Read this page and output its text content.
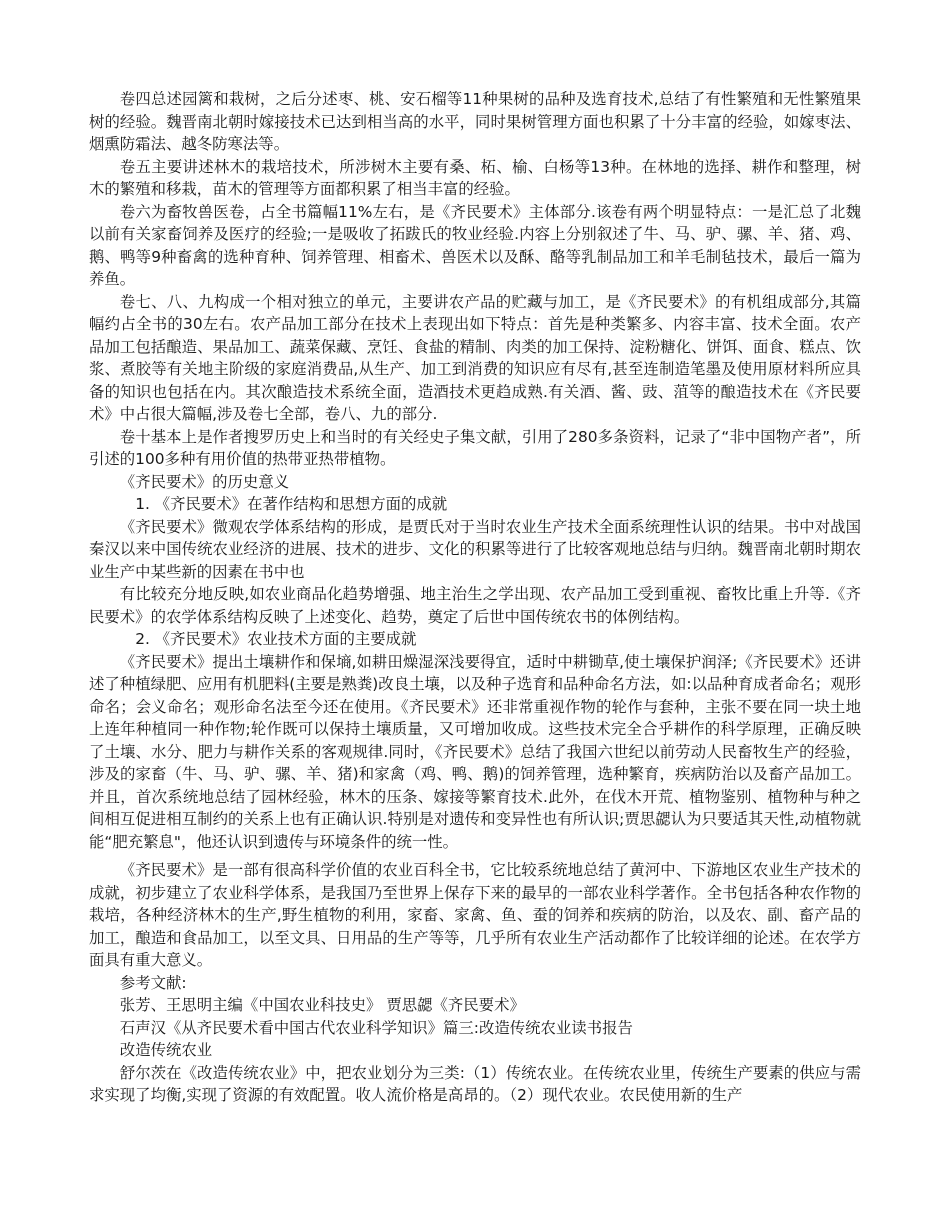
卷四总述园篱和栽树，之后分述枣、桃、安石榴等11种果树的品种及选育技术,总结了有性繁殖和无性繁殖果树的经验。魏晋南北朝时嫁接技术已达到相当高的水平，同时果树管理方面也积累了十分丰富的经验，如嫁枣法、烟熏防霜法、越冬防寒法等。

卷五主要讲述林木的栽培技术，所涉树木主要有桑、柘、榆、白杨等13种。在林地的选择、耕作和整理，树木的繁殖和移栽，苗木的管理等方面都积累了相当丰富的经验。

卷六为畜牧兽医卷，占全书篇幅11%左右，是《齐民要术》主体部分.该卷有两个明显特点：一是汇总了北魏以前有关家畜饲养及医疗的经验;一是吸收了拓跋氏的牧业经验.内容上分别叙述了牛、马、驴、骡、羊、猪、鸡、鹅、鸭等9种畜禽的选种育种、饲养管理、相畜术、兽医术以及酥、酪等乳制品加工和羊毛制毡技术，最后一篇为养鱼。

卷七、八、九构成一个相对独立的单元，主要讲农产品的贮藏与加工，是《齐民要术》的有机组成部分,其篇幅约占全书的30左右。农产品加工部分在技术上表现出如下特点：首先是种类繁多、内容丰富、技术全面。农产品加工包括酿造、果品加工、蔬菜保藏、烹饪、食盐的精制、肉类的加工保持、淀粉糖化、饼饵、面食、糕点、饮浆、煮胶等有关地主阶级的家庭消费品,从生产、加工到消费的知识应有尽有,甚至连制造笔墨及使用原材料所应具备的知识也包括在内。其次酿造技术系统全面，造酒技术更趋成熟.有关酒、酱、豉、菹等的酿造技术在《齐民要术》中占很大篇幅,涉及卷七全部，卷八、九的部分.

卷十基本上是作者搜罗历史上和当时的有关经史子集文献，引用了280多条资料，记录了“非中国物产者”，所引述的100多种有用价值的热带亚热带植物。

《齐民要术》的历史意义

1. 《齐民要术》在著作结构和思想方面的成就

《齐民要术》微观农学体系结构的形成，是贾氏对于当时农业生产技术全面系统理性认识的结果。书中对战国秦汉以来中国传统农业经济的进展、技术的进步、文化的积累等进行了比较客观地总结与归纳。魏晋南北朝时期农业生产中某些新的因素在书中也

有比较充分地反映,如农业商品化趋势增强、地主治生之学出现、农产品加工受到重视、畜牧比重上升等.《齐民要术》的农学体系结构反映了上述变化、趋势，奠定了后世中国传统农书的体例结构。

2. 《齐民要术》农业技术方面的主要成就

《齐民要术》提出土壤耕作和保墒,如耕田燥湿深浅要得宜，适时中耕锄草,使土壤保护润泽;《齐民要术》还讲述了种植绿肥、应用有机肥料(主要是熟粪)改良土壤，以及种子选育和品种命名方法，如:以品种育成者命名；观形命名；会义命名；观形命名法至今还在使用。《齐民要术》还非常重视作物的轮作与套种，主张不要在同一块土地上连年种植同一种作物;轮作既可以保持土壤质量，又可增加收成。这些技术完全合乎耕作的科学原理，正确反映了土壤、水分、肥力与耕作关系的客观规律.同时，《齐民要术》总结了我国六世纪以前劳动人民畜牧生产的经验，涉及的家畜（牛、马、驴、骡、羊、猪)和家禽（鸡、鸭、鹅)的饲养管理，选种繁育，疾病防治以及畜产品加工。并且，首次系统地总结了园林经验，林木的压条、嫁接等繁育技术.此外，在伐木开荒、植物鉴别、植物种与种之间相互促进相互制约的关系上也有正确认识.特别是对遗传和变异性也有所认识;贾思勰认为只要适其天性,动植物就能“肥充繁息"，他还认识到遗传与环境条件的统一性。

《齐民要术》是一部有很高科学价值的农业百科全书，它比较系统地总结了黄河中、下游地区农业生产技术的成就，初步建立了农业科学体系，是我国乃至世界上保存下来的最早的一部农业科学著作。全书包括各种农作物的栽培，各种经济林木的生产,野生植物的利用，家畜、家禽、鱼、蚕的饲养和疾病的防治，以及农、副、畜产品的加工，酿造和食品加工，以至文具、日用品的生产等等，几乎所有农业生产活动都作了比较详细的论述。在农学方面具有重大意义。

参考文献:

张芳、王思明主编《中国农业科技史》 贾思勰《齐民要术》

石声汉《从齐民要术看中国古代农业科学知识》篇三:改造传统农业读书报告

改造传统农业

舒尔茨在《改造传统农业》中，把农业划分为三类:（1）传统农业。在传统农业里，传统生产要素的供应与需求实现了均衡,实现了资源的有效配置。收人流价格是高昂的。（2）现代农业。农民使用新的生产
